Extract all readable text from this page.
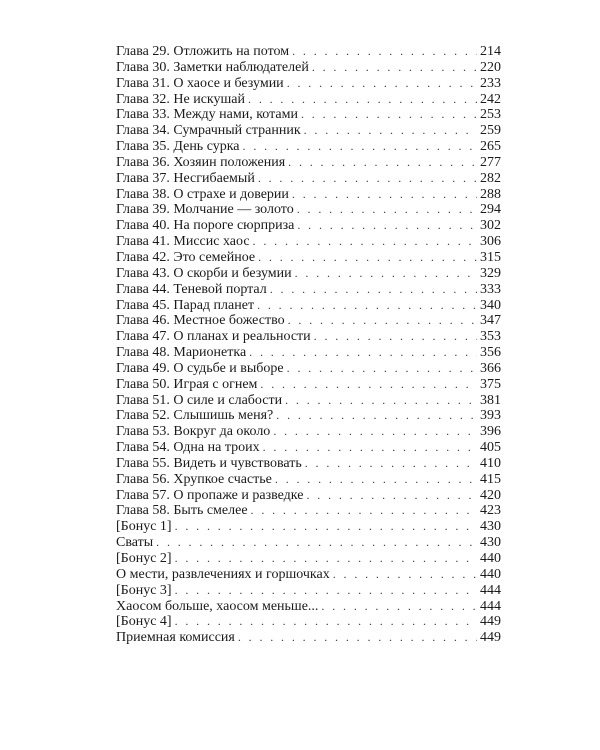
Глава 29. Отложить на потом . . .	214
Глава 30. Заметки наблюдателей . . .	220
Глава 31. О хаосе и безумии . . .	233
Глава 32. Не искушай . . .	242
Глава 33. Между нами, котами . . .	253
Глава 34. Сумрачный странник . . .	259
Глава 35. День сурка . . .	265
Глава 36. Хозяин положения . . .	277
Глава 37. Несгибаемый . . .	282
Глава 38. О страхе и доверии . . .	288
Глава 39. Молчание — золото . . .	294
Глава 40. На пороге сюрприза . . .	302
Глава 41. Миссис хаос . . .	306
Глава 42. Это семейное . . .	315
Глава 43. О скорби и безумии . . .	329
Глава 44. Теневой портал . . .	333
Глава 45. Парад планет . . .	340
Глава 46. Местное божество . . .	347
Глава 47. О планах и реальности . . .	353
Глава 48. Марионетка . . .	356
Глава 49. О судьбе и выборе . . .	366
Глава 50. Играя с огнем . . .	375
Глава 51. О силе и слабости . . .	381
Глава 52. Слышишь меня? . . .	393
Глава 53. Вокруг да около . . .	396
Глава 54. Одна на троих . . .	405
Глава 55. Видеть и чувствовать . . .	410
Глава 56. Хрупкое счастье . . .	415
Глава 57. О пропаже и разведке . . .	420
Глава 58. Быть смелее . . .	423
[Бонус 1] . . .	430
Сваты . . .	430
[Бонус 2] . . .	440
О мести, развлечениях и горшочках . . .	440
[Бонус 3] . . .	444
Хаосом больше, хаосом меньше... . . .	444
[Бонус 4] . . .	449
Приемная комиссия . . .	449
